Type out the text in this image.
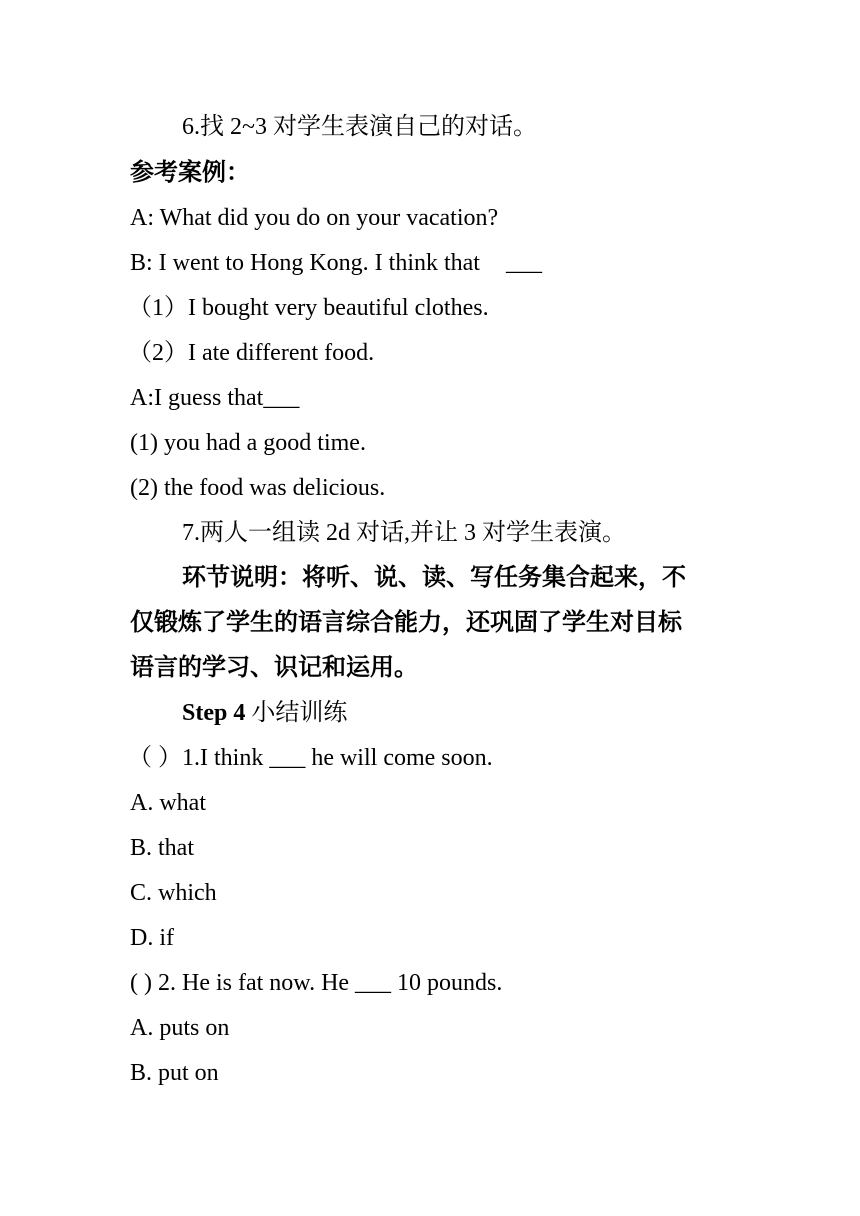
6.找 2~3 对学生表演自己的对话。
参考案例：
A: What did you do on your vacation?
B: I went to Hong Kong. I think that ___
（1）I bought very beautiful clothes.
（2）I ate different food.
A:I guess that___
(1) you had a good time.
(2) the food was delicious.
7.两人一组读 2d 对话,并让 3 对学生表演。
环节说明：将听、说、读、写任务集合起来，不
仅锻炼了学生的语言综合能力，还巩固了学生对目标
语言的学习、识记和运用。
Step 4 小结训练
（ ）1.I think ___ he will come soon.
A. what
B. that
C. which
D. if
( ) 2. He is fat now. He ___ 10 pounds.
A. puts on
B. put on
